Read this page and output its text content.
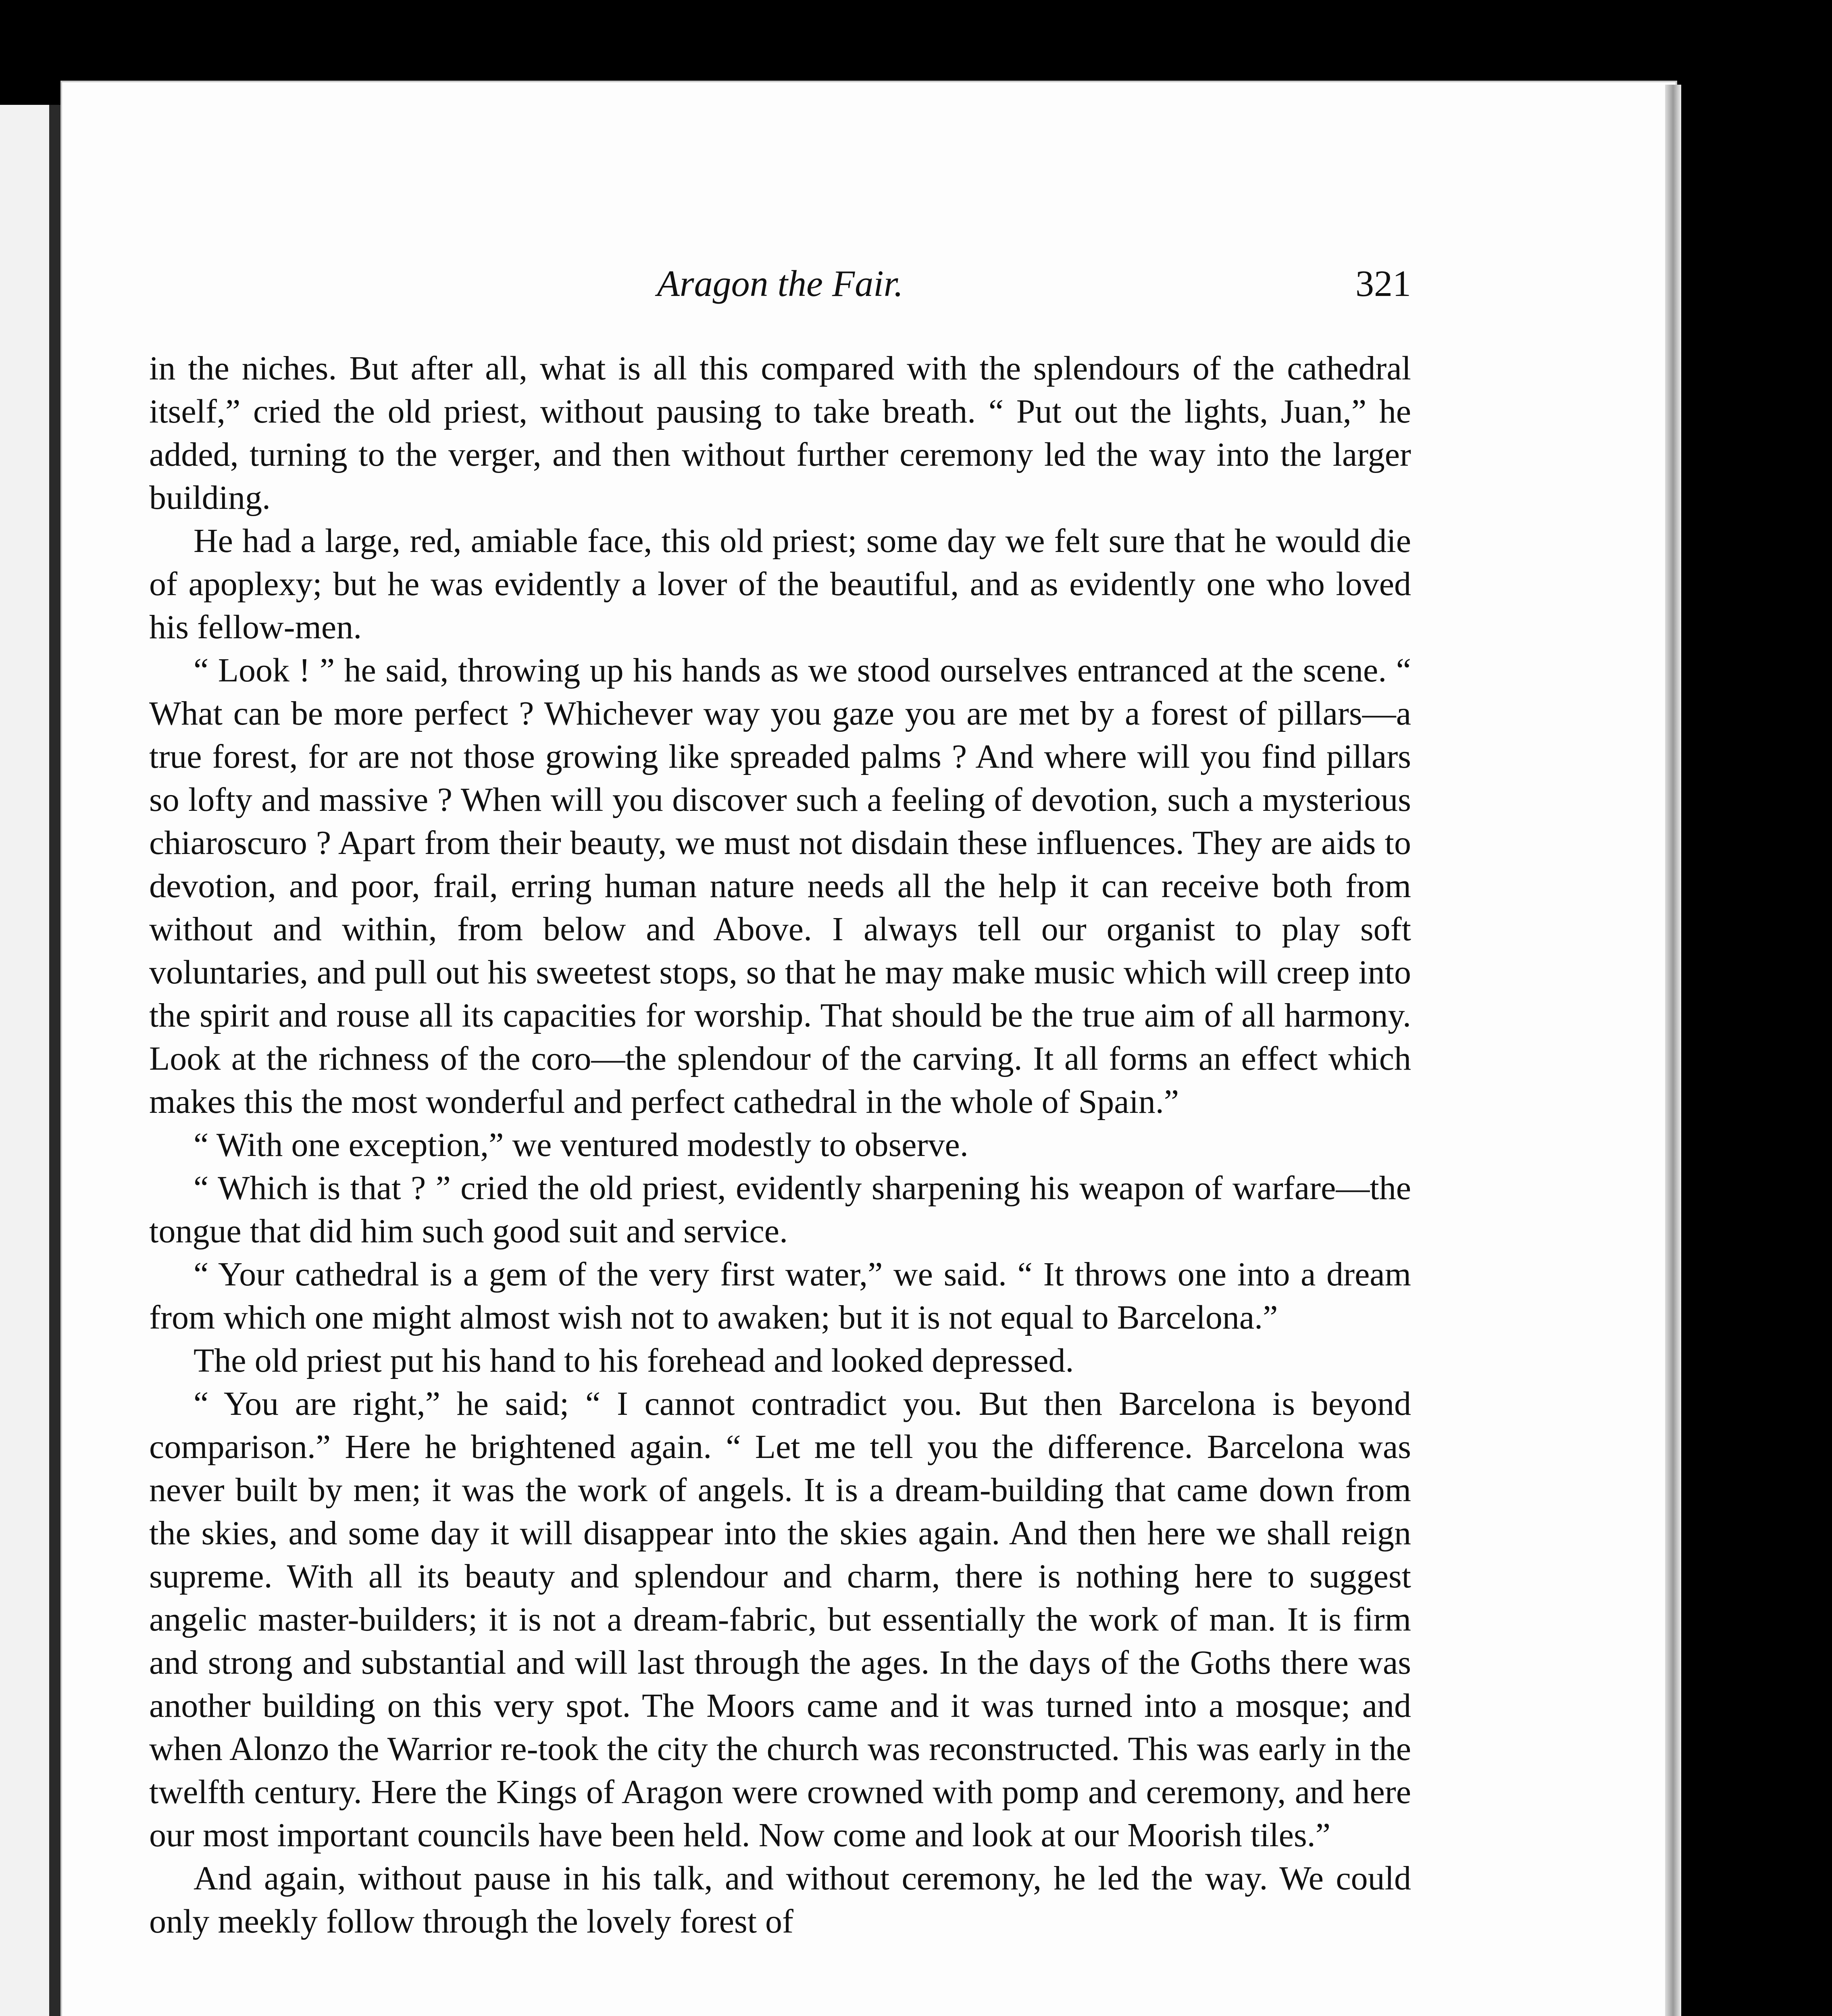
Aragon the Fair.	321

in the niches. But after all, what is all this compared with the splendours of the cathedral itself,” cried the old priest, without pausing to take breath. “ Put out the lights, Juan,” he added, turning to the verger, and then without further ceremony led the way into the larger building.

He had a large, red, amiable face, this old priest; some day we felt sure that he would die of apoplexy; but he was evidently a lover of the beautiful, and as evidently one who loved his fellow-men.

“ Look ! ” he said, throwing up his hands as we stood ourselves entranced at the scene. “ What can be more perfect ? Whichever way you gaze you are met by a forest of pillars—a true forest, for are not those growing like spreaded palms ? And where will you find pillars so lofty and massive ? When will you discover such a feeling of devotion, such a mysterious chiaroscuro ? Apart from their beauty, we must not disdain these influences. They are aids to devotion, and poor, frail, erring human nature needs all the help it can receive both from without and within, from below and Above. I always tell our organist to play soft voluntaries, and pull out his sweetest stops, so that he may make music which will creep into the spirit and rouse all its capacities for worship. That should be the true aim of all harmony. Look at the richness of the coro—the splendour of the carving. It all forms an effect which makes this the most wonderful and perfect cathedral in the whole of Spain.”

“ With one exception,” we ventured modestly to observe.

“ Which is that ? ” cried the old priest, evidently sharpening his weapon of warfare—the tongue that did him such good suit and service.

“ Your cathedral is a gem of the very first water,” we said. “ It throws one into a dream from which one might almost wish not to awaken; but it is not equal to Barcelona.”

The old priest put his hand to his forehead and looked depressed.

“ You are right,” he said; “ I cannot contradict you. But then Barcelona is beyond comparison.” Here he brightened again. “ Let me tell you the difference. Barcelona was never built by men; it was the work of angels. It is a dream-building that came down from the skies, and some day it will disappear into the skies again. And then here we shall reign supreme. With all its beauty and splendour and charm, there is nothing here to suggest angelic master-builders; it is not a dream-fabric, but essentially the work of man. It is firm and strong and substantial and will last through the ages. In the days of the Goths there was another building on this very spot. The Moors came and it was turned into a mosque; and when Alonzo the Warrior re-took the city the church was reconstructed. This was early in the twelfth century. Here the Kings of Aragon were crowned with pomp and ceremony, and here our most important councils have been held. Now come and look at our Moorish tiles.”

And again, without pause in his talk, and without ceremony, he led the way. We could only meekly follow through the lovely forest of
